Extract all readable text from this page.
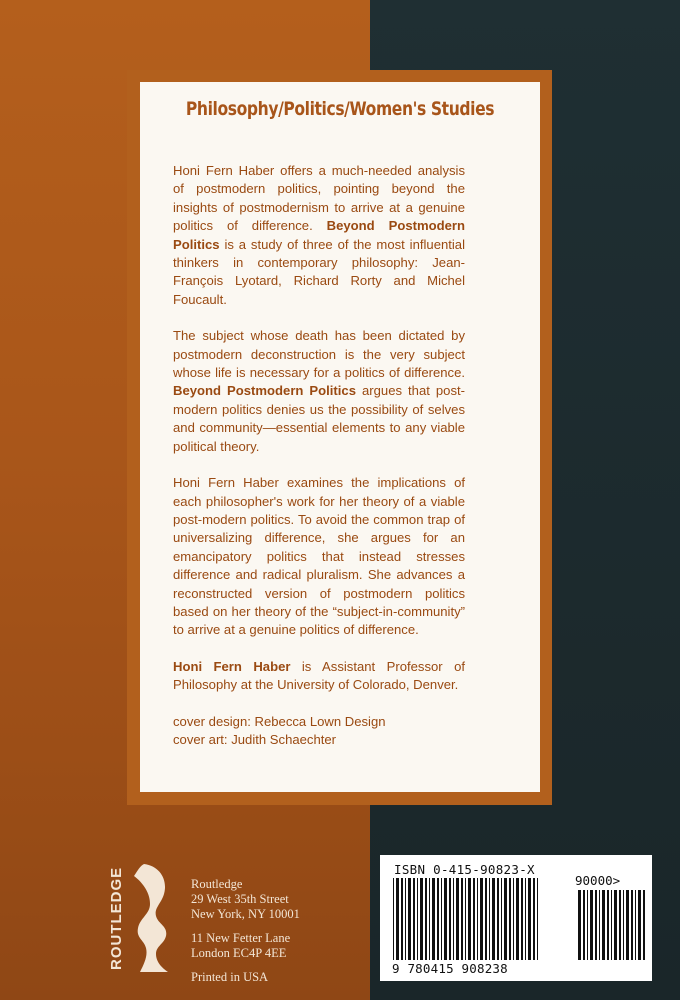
Philosophy/Politics/Women's Studies

Honi Fern Haber offers a much-needed analysis of postmodern politics, pointing beyond the insights of postmodernism to arrive at a genuine politics of difference. Beyond Postmodern Politics is a study of three of the most influential thinkers in contemporary philosophy: Jean-François Lyotard, Richard Rorty and Michel Foucault.

The subject whose death has been dictated by postmodern deconstruction is the very subject whose life is necessary for a politics of difference. Beyond Postmodern Politics argues that post-modern politics denies us the possibility of selves and community—essential elements to any viable political theory.

Honi Fern Haber examines the implications of each philosopher's work for her theory of a viable post-modern politics. To avoid the common trap of universalizing difference, she argues for an emancipatory politics that instead stresses difference and radical pluralism. She advances a reconstructed version of postmodern politics based on her theory of the “subject-in-community” to arrive at a genuine politics of difference.

Honi Fern Haber is Assistant Professor of Philosophy at the University of Colorado, Denver.

cover design: Rebecca Lown Design
cover art: Judith Schaechter
ROUTLEDGE	Routledge
29 West 35th Street
New York, NY 10001
11 New Fetter Lane
London EC4P 4EE
Printed in USA
ISBN 0-415-90823-X
90000>
9 780415 908238
